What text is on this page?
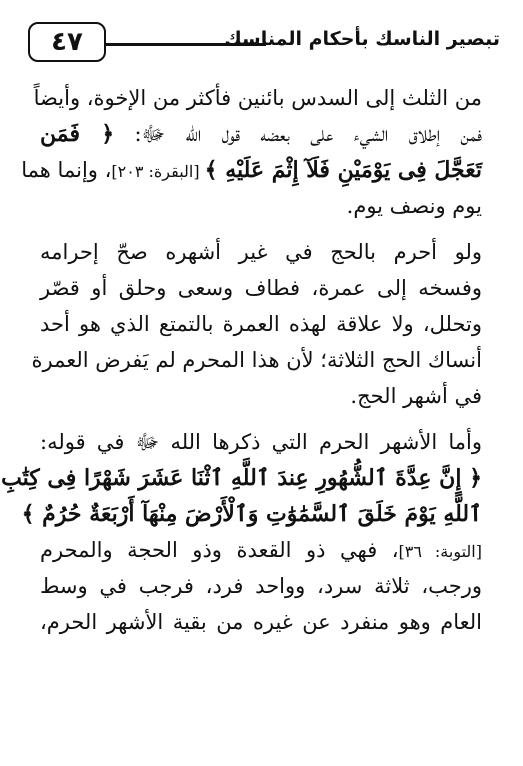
٤٧	تبصير الناسك بأحكام المناسك
من الثلث إلى السدس بائنين فأكثر من الإخوة، وأيضاً
فمن إطلاق الشيء على بعضه قول الله ﷻ: ﴿ فَمَن
تَعَجَّلَ فِى يَوْمَيْنِ فَلَآ إِثْمَ عَلَيْهِ ﴾ [البقرة: ٢٠٣]، وإنما هما
يوم ونصف يوم.
ولو أحرم بالحج في غير أشهره صحّ إحرامه
وفسخه إلى عمرة، فطاف وسعى وحلق أو قصّر
وتحلل، ولا علاقة لهذه العمرة بالتمتع الذي هو أحد
أنساك الحج الثلاثة؛ لأن هذا المحرم لم يَفرض العمرة
في أشهر الحج.
وأما الأشهر الحرم التي ذكرها الله ﷻ في قوله:
﴿ إِنَّ عِدَّةَ ٱلشُّهُورِ عِندَ ٱللَّهِ ٱثْنَا عَشَرَ شَهْرًا فِى كِتَٰبِ
ٱللَّهِ يَوْمَ خَلَقَ ٱلسَّمَٰوَٰتِ وَٱلْأَرْضَ مِنْهَآ أَرْبَعَةٌ حُرُمٌ ﴾
[التوبة: ٣٦]، فهي ذو القعدة وذو الحجة والمحرم
ورجب، ثلاثة سرد، وواحد فرد، فرجب في وسط
العام وهو منفرد عن غيره من بقية الأشهر الحرم،
